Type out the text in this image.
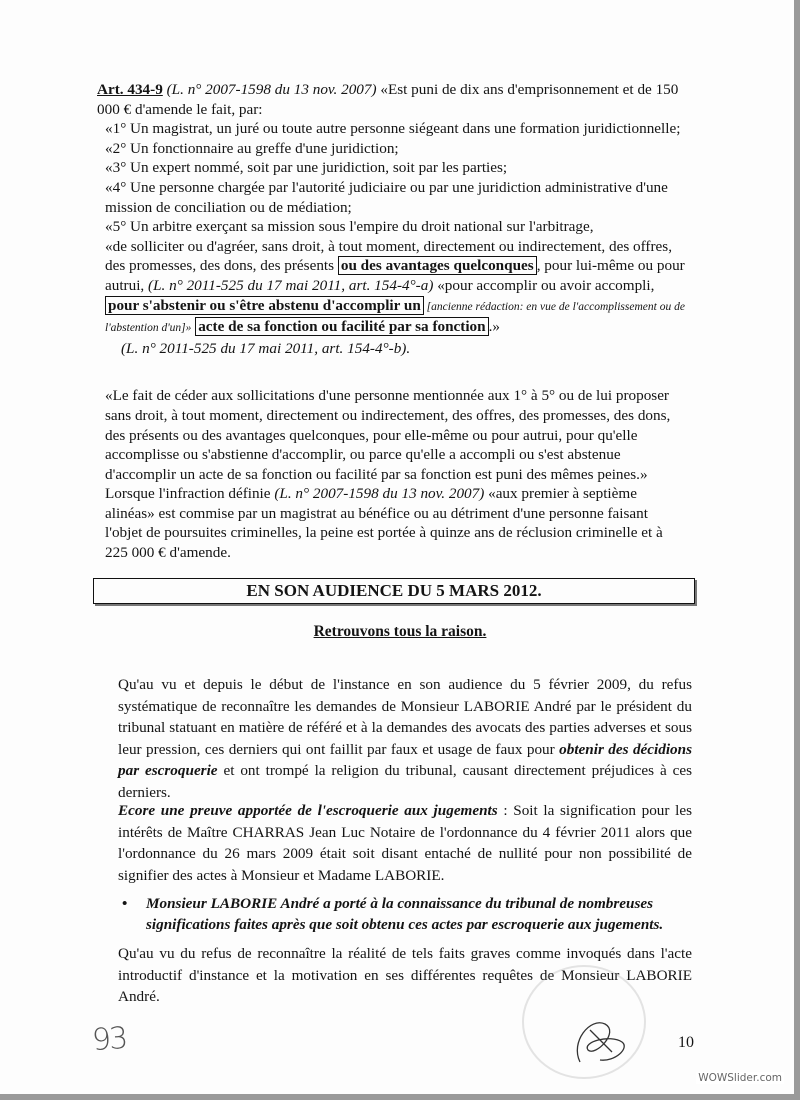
Art. 434-9 (L. n° 2007-1598 du 13 nov. 2007) «Est puni de dix ans d'emprisonnement et de 150 000 € d'amende le fait, par:

«1° Un magistrat, un juré ou toute autre personne siégeant dans une formation juridictionnelle;

«2° Un fonctionnaire au greffe d'une juridiction;

«3° Un expert nommé, soit par une juridiction, soit par les parties;

«4° Une personne chargée par l'autorité judiciaire ou par une juridiction administrative d'une mission de conciliation ou de médiation;

«5° Un arbitre exerçant sa mission sous l'empire du droit national sur l'arbitrage,

«de solliciter ou d'agréer, sans droit, à tout moment, directement ou indirectement, des offres, des promesses, des dons, des présents ou des avantages quelconques , pour lui-même ou pour autrui, (L. n° 2011-525 du 17 mai 2011, art. 154-4°-a) «pour accomplir ou avoir accompli, pour s'abstenir ou s'être abstenu d'accomplir un [ancienne rédaction: en vue de l'accomplissement ou de l'abstention d'un]» acte de sa fonction ou facilité par sa fonction .»

(L. n° 2011-525 du 17 mai 2011, art. 154-4°-b).

«Le fait de céder aux sollicitations d'une personne mentionnée aux 1° à 5° ou de lui proposer sans droit, à tout moment, directement ou indirectement, des offres, des promesses, des dons, des présents ou des avantages quelconques, pour elle-même ou pour autrui, pour qu'elle accomplisse ou s'abstienne d'accomplir, ou parce qu'elle a accompli ou s'est abstenue d'accomplir un acte de sa fonction ou facilité par sa fonction est puni des mêmes peines.»

Lorsque l'infraction définie (L. n° 2007-1598 du 13 nov. 2007) «aux premier à septième alinéas» est commise par un magistrat au bénéfice ou au détriment d'une personne faisant l'objet de poursuites criminelles, la peine est portée à quinze ans de réclusion criminelle et à 225 000 € d'amende.

EN SON AUDIENCE DU 5 MARS 2012.
Retrouvons tous la raison.

Qu'au vu et depuis le début de l'instance en son audience du 5 février 2009, du refus systématique de reconnaître les demandes de Monsieur LABORIE André par le président du tribunal statuant en matière de référé et à la demandes des avocats des parties adverses et sous leur pression, ces derniers qui ont faillit par faux et usage de faux pour obtenir des décidions par escroquerie et ont trompé la religion du tribunal, causant directement préjudices à ces derniers.

Ecore une preuve apportée de l'escroquerie aux jugements : Soit la signification pour les intérêts de Maître CHARRAS Jean Luc Notaire de l'ordonnance du 4 février 2011 alors que l'ordonnance du 26 mars 2009 était soit disant entaché de nullité pour non possibilité de signifier des actes à Monsieur et Madame LABORIE.

• Monsieur LABORIE André a porté à la connaissance du tribunal de nombreuses significations faites après que soit obtenu ces actes par escroquerie aux jugements.

Qu'au vu du refus de reconnaître la réalité de tels faits graves comme invoqués dans l'acte introductif d'instance et la motivation en ses différentes requêtes de Monsieur LABORIE André.

93	10
WOWSlider.com
